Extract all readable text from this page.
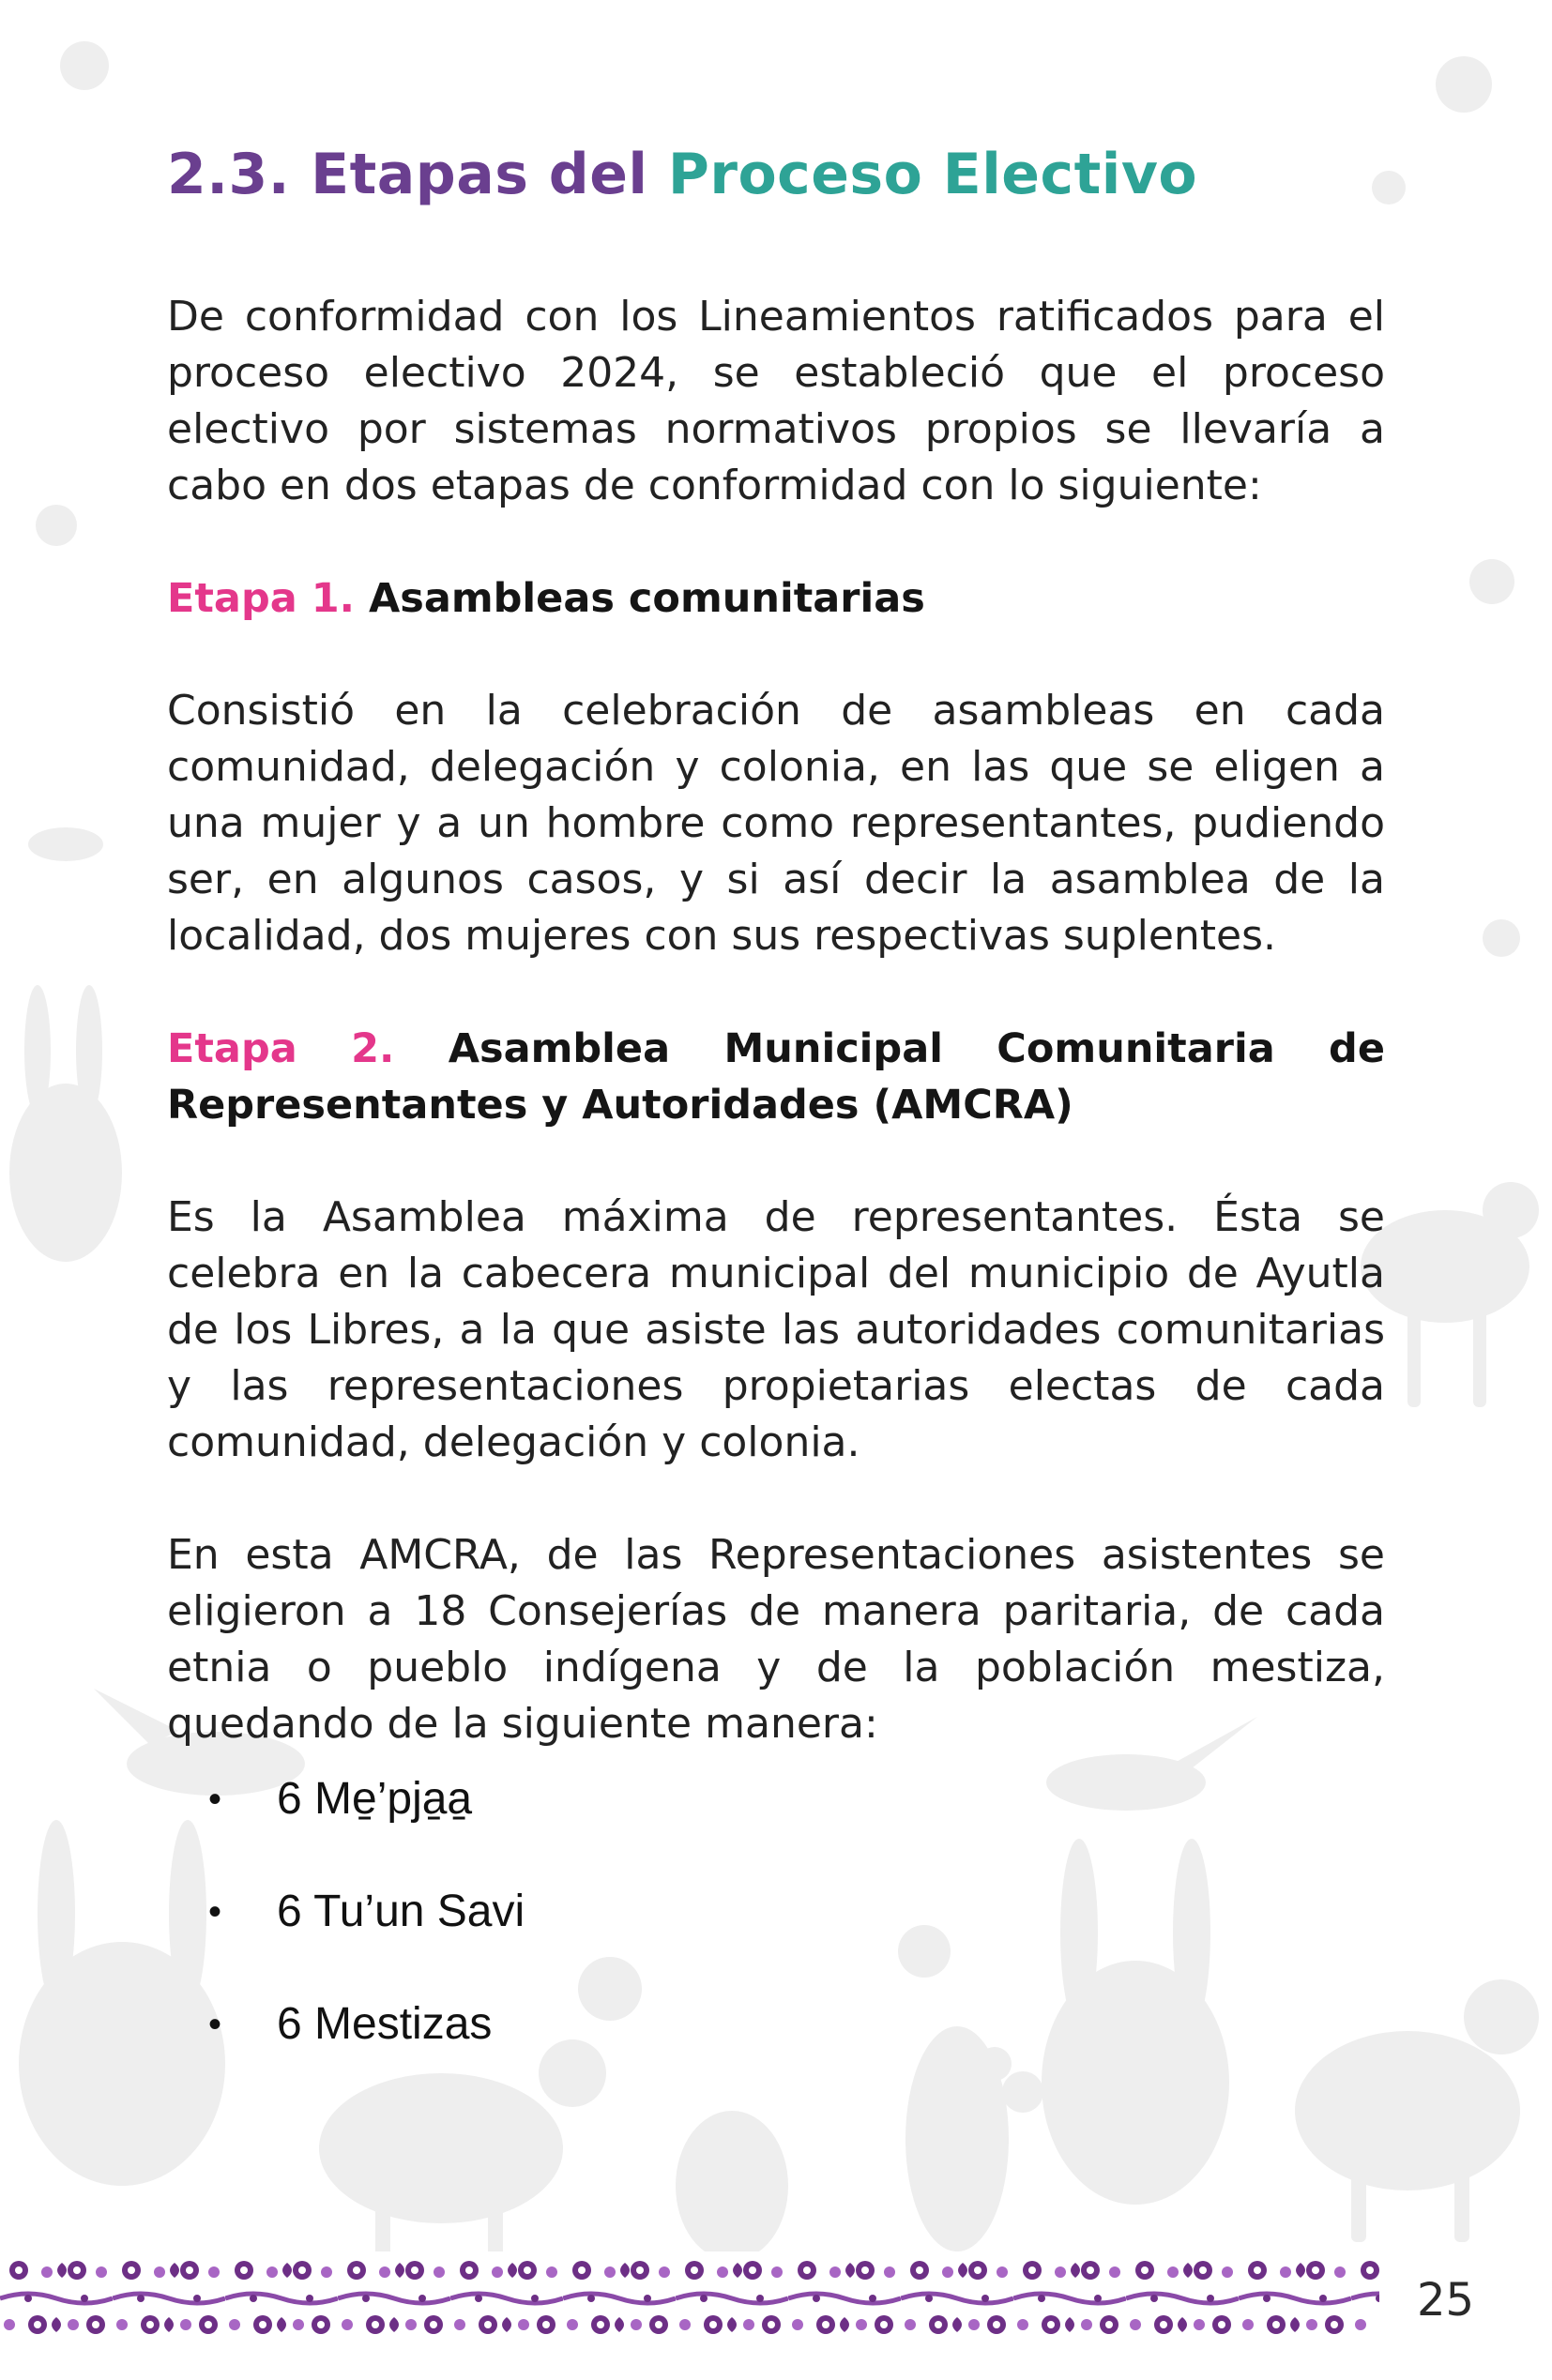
2.3. Etapas del Proceso Electivo

De conformidad con los Lineamientos ratificados para el proceso electivo 2024, se estableció que el proceso electivo por sistemas normativos propios se llevaría a cabo en dos etapas de conformidad con lo siguiente:

Etapa 1. Asambleas comunitarias

Consistió en la celebración de asambleas en cada comunidad, delegación y colonia, en las que se eligen a una mujer y a un hombre como representantes, pudiendo ser, en algunos casos, y si así decir la asamblea de la localidad, dos mujeres con sus respectivas suplentes.

Etapa 2. Asamblea Municipal Comunitaria de Representantes y Autoridades (AMCRA)

Es la Asamblea máxima de representantes. Ésta se celebra en la cabecera municipal del municipio de Ayutla de los Libres, a la que asiste las autoridades comunitarias y las representaciones propietarias electas de cada comunidad, delegación y colonia.

En esta AMCRA, de las Representaciones asistentes se eligieron a 18 Consejerías de manera paritaria, de cada etnia o pueblo indígena y de la población mestiza, quedando de la siguiente manera:

• 6 Me̱’pja̱a̱
• 6 Tu’un Savi
• 6 Mestizas
25
